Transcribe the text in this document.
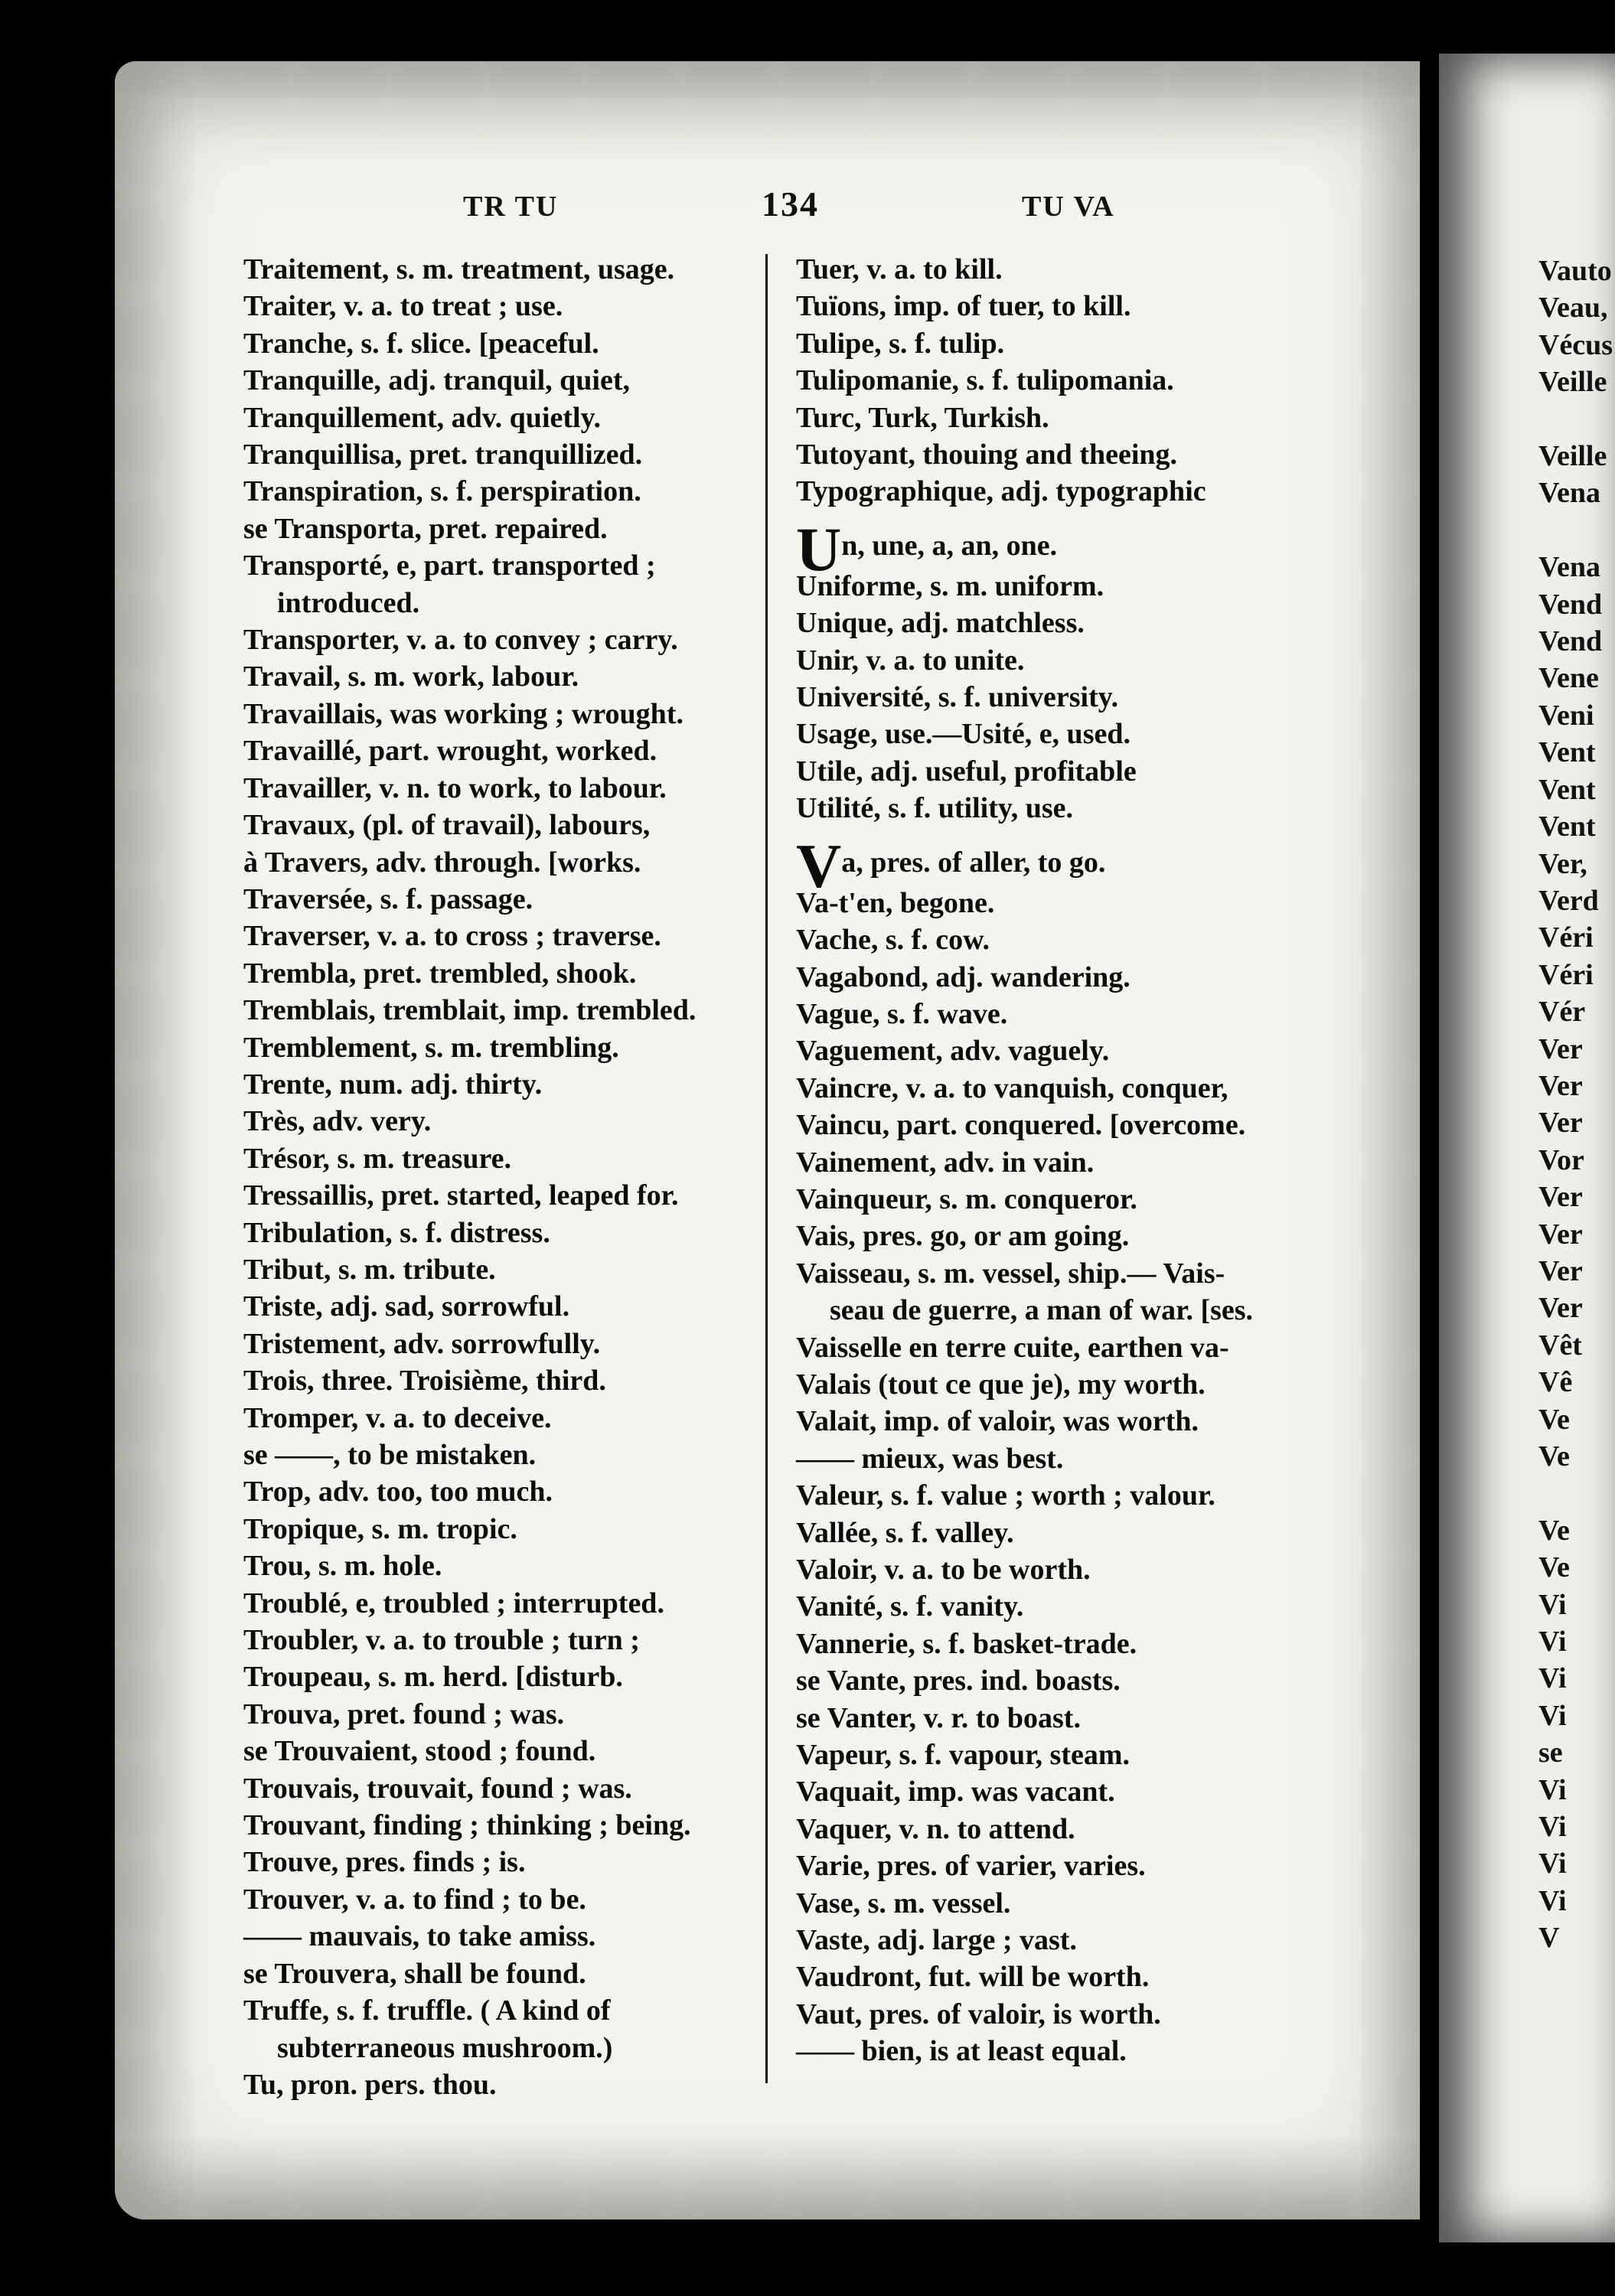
TR TU	134	TU VA
Traitement, s. m. treatment, usage.
Traiter, v. a. to treat ; use.
Tranche, s. f. slice. [peaceful.
Tranquille, adj. tranquil, quiet,
Tranquillement, adv. quietly.
Tranquillisa, pret. tranquillized.
Transpiration, s. f. perspiration.
se Transporta, pret. repaired.
Transporté, e, part. transported ;
introduced.
Transporter, v. a. to convey ; carry.
Travail, s. m. work, labour.
Travaillais, was working ; wrought.
Travaillé, part. wrought, worked.
Travailler, v. n. to work, to labour.
Travaux, (pl. of travail), labours,
à Travers, adv. through. [works.
Traversée, s. f. passage.
Traverser, v. a. to cross ; traverse.
Trembla, pret. trembled, shook.
Tremblais, tremblait, imp. trembled.
Tremblement, s. m. trembling.
Trente, num. adj. thirty.
Très, adv. very.
Trésor, s. m. treasure.
Tressaillis, pret. started, leaped for.
Tribulation, s. f. distress.
Tribut, s. m. tribute.
Triste, adj. sad, sorrowful.
Tristement, adv. sorrowfully.
Trois, three. Troisième, third.
Tromper, v. a. to deceive.
se ——, to be mistaken.
Trop, adv. too, too much.
Tropique, s. m. tropic.
Trou, s. m. hole.
Troublé, e, troubled ; interrupted.
Troubler, v. a. to trouble ; turn ;
Troupeau, s. m. herd. [disturb.
Trouva, pret. found ; was.
se Trouvaient, stood ; found.
Trouvais, trouvait, found ; was.
Trouvant, finding ; thinking ; being.
Trouve, pres. finds ; is.
Trouver, v. a. to find ; to be.
—— mauvais, to take amiss.
se Trouvera, shall be found.
Truffe, s. f. truffle. ( A kind of
subterraneous mushroom.)
Tu, pron. pers. thou.
Tuer, v. a. to kill.
Tuïons, imp. of tuer, to kill.
Tulipe, s. f. tulip.
Tulipomanie, s. f. tulipomania.
Turc, Turk, Turkish.
Tutoyant, thouing and theeing.
Typographique, adj. typographic
Un, une, a, an, one.
Uniforme, s. m. uniform.
Unique, adj. matchless.
Unir, v. a. to unite.
Université, s. f. university.
Usage, use.—Usité, e, used.
Utile, adj. useful, profitable
Utilité, s. f. utility, use.
Va, pres. of aller, to go.
Va-t'en, begone.
Vache, s. f. cow.
Vagabond, adj. wandering.
Vague, s. f. wave.
Vaguement, adv. vaguely.
Vaincre, v. a. to vanquish, conquer,
Vaincu, part. conquered. [overcome.
Vainement, adv. in vain.
Vainqueur, s. m. conqueror.
Vais, pres. go, or am going.
Vaisseau, s. m. vessel, ship.— Vais-
seau de guerre, a man of war. [ses.
Vaisselle en terre cuite, earthen va-
Valais (tout ce que je), my worth.
Valait, imp. of valoir, was worth.
—— mieux, was best.
Valeur, s. f. value ; worth ; valour.
Vallée, s. f. valley.
Valoir, v. a. to be worth.
Vanité, s. f. vanity.
Vannerie, s. f. basket-trade.
se Vante, pres. ind. boasts.
se Vanter, v. r. to boast.
Vapeur, s. f. vapour, steam.
Vaquait, imp. was vacant.
Vaquer, v. n. to attend.
Varie, pres. of varier, varies.
Vase, s. m. vessel.
Vaste, adj. large ; vast.
Vaudront, fut. will be worth.
Vaut, pres. of valoir, is worth.
—— bien, is at least equal.
Vauto
Veau,
Vécus
Veille

Veille
Vena

Vena
Vend
Vend
Vene
Veni
Vent
Vent
Vent
Ver,
Verd
Véri
Véri
Vér
Ver
Ver
Ver
Vor
Ver
Ver
Ver
Ver
Vêt
Vê
Ve
Ve

Ve
Ve
Vi
Vi
Vi
Vi
se
Vi
Vi
Vi
Vi
V
